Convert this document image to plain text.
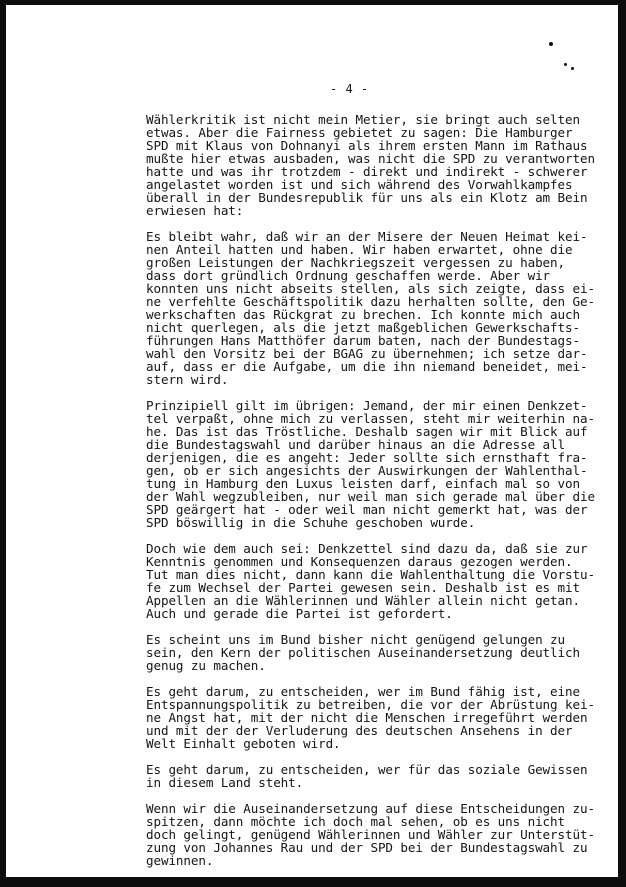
- 4 -
Wählerkritik ist nicht mein Metier, sie bringt auch selten
etwas. Aber die Fairness gebietet zu sagen: Die Hamburger
SPD mit Klaus von Dohnanyi als ihrem ersten Mann im Rathaus
mußte hier etwas ausbaden, was nicht die SPD zu verantworten
hatte und was ihr trotzdem - direkt und indirekt - schwerer
angelastet worden ist und sich während des Vorwahlkampfes
überall in der Bundesrepublik für uns als ein Klotz am Bein
erwiesen hat:
Es bleibt wahr, daß wir an der Misere der Neuen Heimat kei-
nen Anteil hatten und haben. Wir haben erwartet, ohne die
großen Leistungen der Nachkriegszeit vergessen zu haben,
dass dort gründlich Ordnung geschaffen werde. Aber wir
konnten uns nicht abseits stellen, als sich zeigte, dass ei-
ne verfehlte Geschäftspolitik dazu herhalten sollte, den Ge-
werkschaften das Rückgrat zu brechen. Ich konnte mich auch
nicht querlegen, als die jetzt maßgeblichen Gewerkschafts-
führungen Hans Matthöfer darum baten, nach der Bundestags-
wahl den Vorsitz bei der BGAG zu übernehmen; ich setze dar-
auf, dass er die Aufgabe, um die ihn niemand beneidet, mei-
stern wird.
Prinzipiell gilt im übrigen: Jemand, der mir einen Denkzet-
tel verpaßt, ohne mich zu verlassen, steht mir weiterhin na-
he. Das ist das Tröstliche. Deshalb sagen wir mit Blick auf
die Bundestagswahl und darüber hinaus an die Adresse all
derjenigen, die es angeht: Jeder sollte sich ernsthaft fra-
gen, ob er sich angesichts der Auswirkungen der Wahlenthal-
tung in Hamburg den Luxus leisten darf, einfach mal so von
der Wahl wegzubleiben, nur weil man sich gerade mal über die
SPD geärgert hat - oder weil man nicht gemerkt hat, was der
SPD böswillig in die Schuhe geschoben wurde.
Doch wie dem auch sei: Denkzettel sind dazu da, daß sie zur
Kenntnis genommen und Konsequenzen daraus gezogen werden.
Tut man dies nicht, dann kann die Wahlenthaltung die Vorstu-
fe zum Wechsel der Partei gewesen sein. Deshalb ist es mit
Appellen an die Wählerinnen und Wähler allein nicht getan.
Auch und gerade die Partei ist gefordert.
Es scheint uns im Bund bisher nicht genügend gelungen zu
sein, den Kern der politischen Auseinandersetzung deutlich
genug zu machen.
Es geht darum, zu entscheiden, wer im Bund fähig ist, eine
Entspannungspolitik zu betreiben, die vor der Abrüstung kei-
ne Angst hat, mit der nicht die Menschen irregeführt werden
und mit der der Verluderung des deutschen Ansehens in der
Welt Einhalt geboten wird.
Es geht darum, zu entscheiden, wer für das soziale Gewissen
in diesem Land steht.
Wenn wir die Auseinandersetzung auf diese Entscheidungen zu-
spitzen, dann möchte ich doch mal sehen, ob es uns nicht
doch gelingt, genügend Wählerinnen und Wähler zur Unterstüt-
zung von Johannes Rau und der SPD bei der Bundestagswahl zu
gewinnen.
